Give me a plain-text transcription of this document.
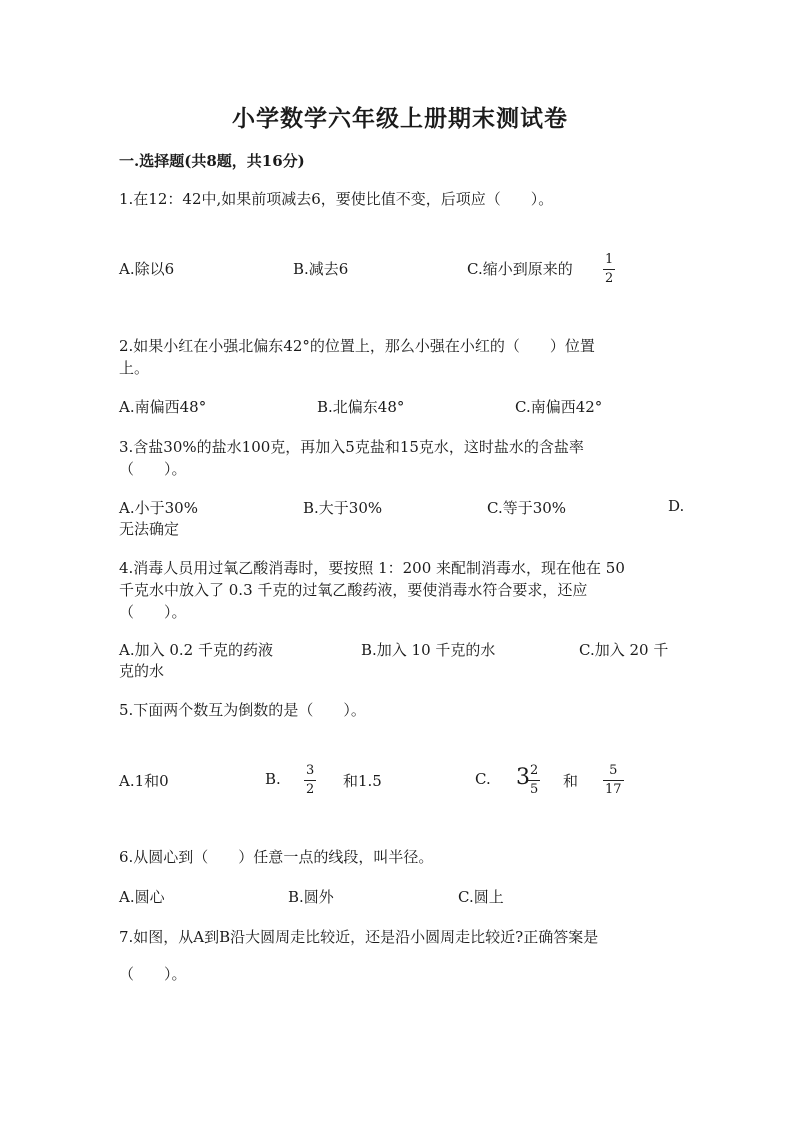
小学数学六年级上册期末测试卷
一.选择题(共8题，共16分)
1.在12：42中,如果前项减去6，要使比值不变，后项应（　　）。
A.除以6	B.减去6	C.缩小到原来的
1
2
2.如果小红在小强北偏东42°的位置上，那么小强在小红的（　　）位置
上。
A.南偏西48°	B.北偏东48°	C.南偏西42°
3.含盐30%的盐水100克，再加入5克盐和15克水，这时盐水的含盐率
（　　）。
A.小于30%	B.大于30%	C.等于30%	D.
无法确定
4.消毒人员用过氧乙酸消毒时，要按照 1：200 来配制消毒水，现在他在 50
千克水中放入了 0.3 千克的过氧乙酸药液，要使消毒水符合要求，还应
（　　）。
A.加入 0.2 千克的药液	B.加入 10 千克的水	C.加入 20 千
克的水
5.下面两个数互为倒数的是（　　）。
A.1和0	B. 3
2 和1.5	C. 3 2
5 和
5
17
6.从圆心到（　　）任意一点的线段，叫半径。
A.圆心	B.圆外	C.圆上
7.如图，从A到B沿大圆周走比较近，还是沿小圆周走比较近?正确答案是
（　　）。
